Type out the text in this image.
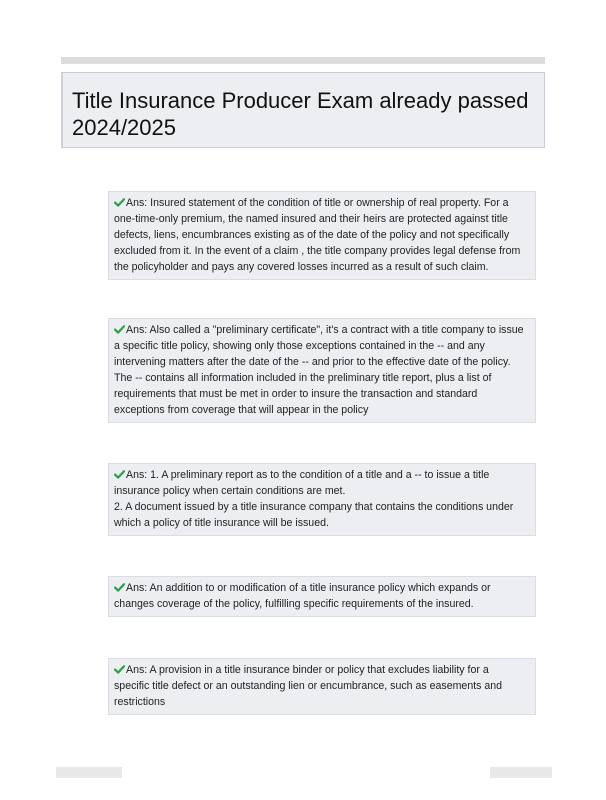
Title Insurance Producer Exam already passed
2024/2025
Ans: Insured statement of the condition of title or ownership of real property. For a
one-time-only premium, the named insured and their heirs are protected against title
defects, liens, encumbrances existing as of the date of the policy and not specifically
excluded from it. In the event of a claim , the title company provides legal defense from
the policyholder and pays any covered losses incurred as a result of such claim.
Ans: Also called a "preliminary certificate", it's a contract with a title company to issue
a specific title policy, showing only those exceptions contained in the -- and any
intervening matters after the date of the -- and prior to the effective date of the policy.
The -- contains all information included in the preliminary title report, plus a list of
requirements that must be met in order to insure the transaction and standard
exceptions from coverage that will appear in the policy
Ans: 1. A preliminary report as to the condition of a title and a -- to issue a title
insurance policy when certain conditions are met.
2. A document issued by a title insurance company that contains the conditions under
which a policy of title insurance will be issued.
Ans: An addition to or modification of a title insurance policy which expands or
changes coverage of the policy, fulfilling specific requirements of the insured.
Ans: A provision in a title insurance binder or policy that excludes liability for a
specific title defect or an outstanding lien or encumbrance, such as easements and
restrictions
